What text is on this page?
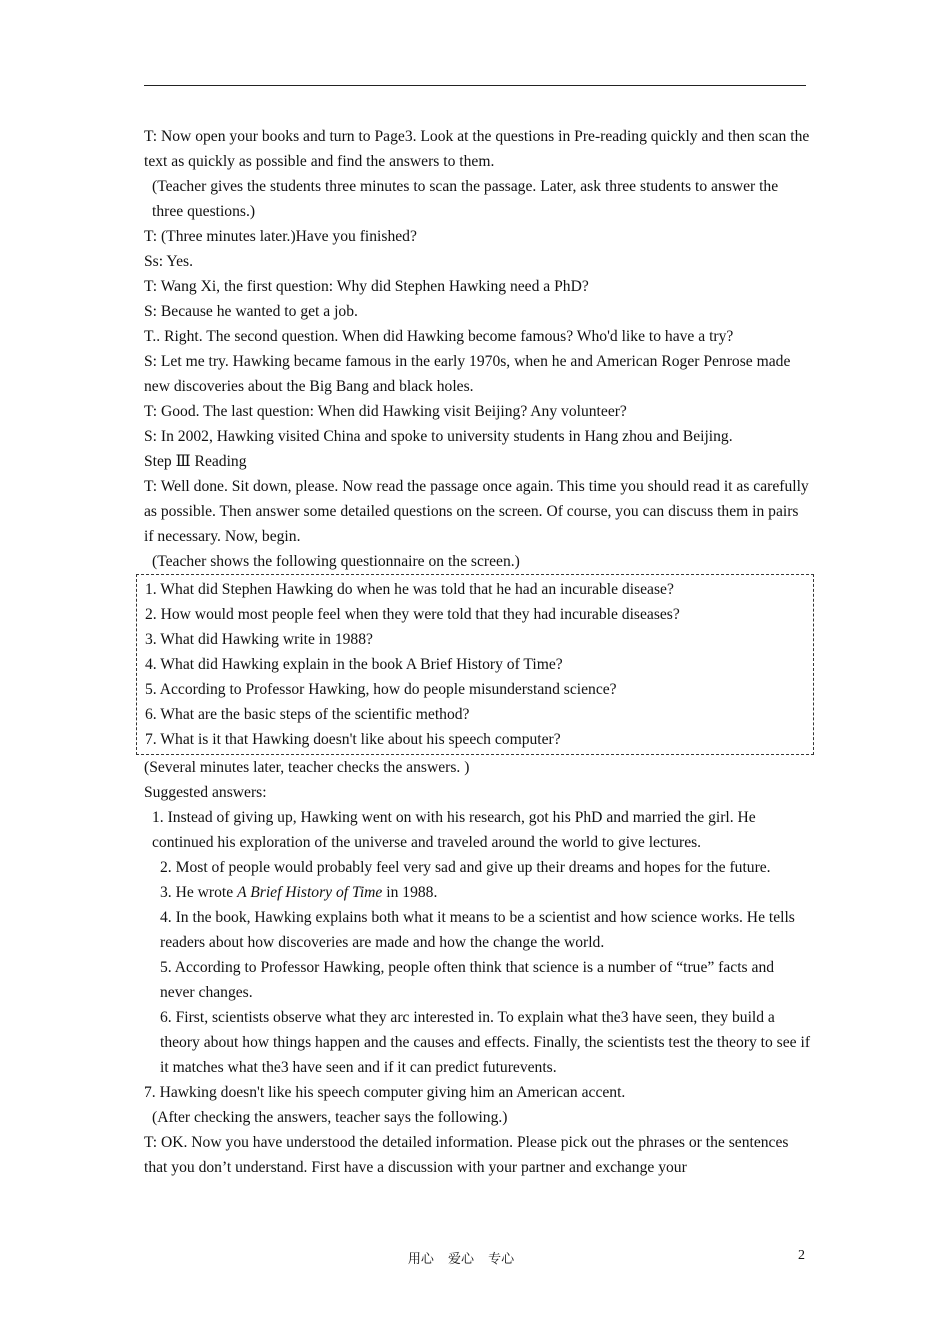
T: Now open your books and turn to Page3. Look at the questions in Pre-reading quickly and then scan the text as quickly as possible and find the answers to them.

(Teacher gives the students three minutes to scan the passage. Later, ask three students to answer the three questions.)

T: (Three minutes later.)Have you finished?

Ss: Yes.

T: Wang Xi, the first question: Why did Stephen Hawking need a PhD?

S: Because he wanted to get a job.

T.. Right. The second question. When did Hawking become famous? Who'd like to have a try?

S: Let me try. Hawking became famous in the early 1970s, when he and American Roger Penrose made new discoveries about the Big Bang and black holes.

T: Good. The last question: When did Hawking visit Beijing? Any volunteer?

S: In 2002, Hawking visited China and spoke to university students in Hang zhou and Beijing.

Step Ⅲ Reading

T: Well done. Sit down, please. Now read the passage once again. This time you should read it as carefully as possible. Then answer some detailed questions on the screen. Of course, you can discuss them in pairs if necessary. Now, begin.

(Teacher shows the following questionnaire on the screen.)

1. What did Stephen Hawking do when he was told that he had an incurable disease?

2. How would most people feel when they were told that they had incurable diseases?

3. What did Hawking write in 1988?

4. What did Hawking explain in the book A Brief History of Time?

5. According to Professor Hawking, how do people misunderstand science?

6. What are the basic steps of the scientific method?

7. What is it that Hawking doesn't like about his speech computer?

(Several minutes later, teacher checks the answers. )

Suggested answers:

1. Instead of giving up, Hawking went on with his research, got his PhD and married the girl. He continued his exploration of the universe and traveled around the world to give lectures.

2. Most of people would probably feel very sad and give up their dreams and hopes for the future.

3. He wrote A Brief History of Time in 1988.

4. In the book, Hawking explains both what it means to be a scientist and how science works. He tells readers about how discoveries are made and how the change the world.

5. According to Professor Hawking, people often think that science is a number of “true” facts and never changes.

6. First, scientists observe what they arc interested in. To explain what the3 have seen, they build a theory about how things happen and the causes and effects. Finally, the scientists test the theory to see if it matches what the3 have seen and if it can predict futurevents.

7. Hawking doesn't like his speech computer giving him an American accent.

(After checking the answers, teacher says the following.)

T: OK. Now you have understood the detailed information. Please pick out the phrases or the sentences that you don’t understand. First have a discussion with your partner and exchange your

用心 爱心 专心	2
